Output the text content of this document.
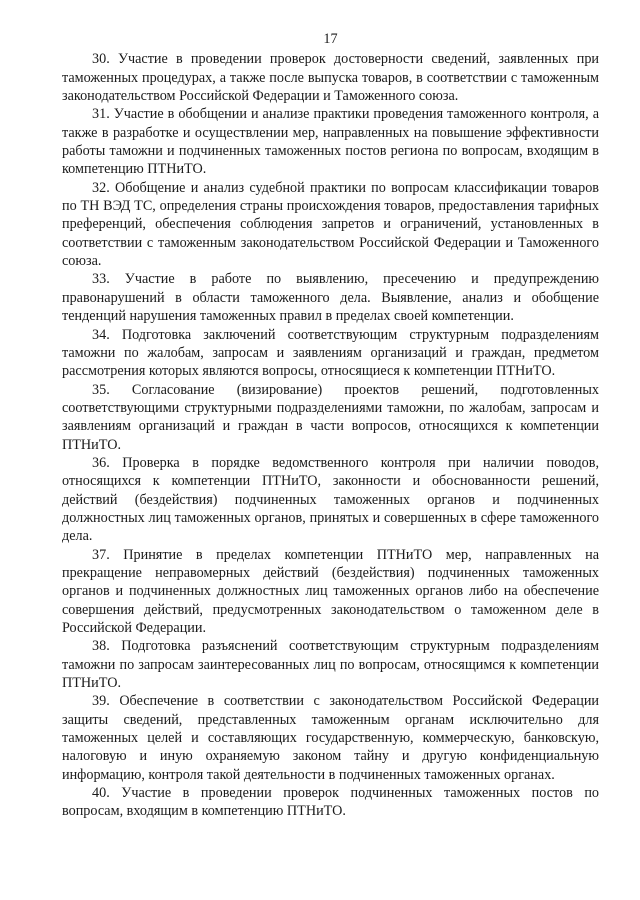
17

30. Участие в проведении проверок достоверности сведений, заявленных при таможенных процедурах, а также после выпуска товаров, в соответствии с таможенным законодательством Российской Федерации и Таможенного союза.

31. Участие в обобщении и анализе практики проведения таможенного контроля, а также в разработке и осуществлении мер, направленных на повышение эффективности работы таможни и подчиненных таможенных постов региона по вопросам, входящим в компетенцию ПТНиТО.

32. Обобщение и анализ судебной практики по вопросам классификации товаров по ТН ВЭД ТС, определения страны происхождения товаров, предоставления тарифных преференций, обеспечения соблюдения запретов и ограничений, установленных в соответствии с таможенным законодательством Российской Федерации и Таможенного союза.

33. Участие в работе по выявлению, пресечению и предупреждению правонарушений в области таможенного дела. Выявление, анализ и обобщение тенденций нарушения таможенных правил в пределах своей компетенции.

34. Подготовка заключений соответствующим структурным подразделениям таможни по жалобам, запросам и заявлениям организаций и граждан, предметом рассмотрения которых являются вопросы, относящиеся к компетенции ПТНиТО.

35. Согласование (визирование) проектов решений, подготовленных соответствующими структурными подразделениями таможни, по жалобам, запросам и заявлениям организаций и граждан в части вопросов, относящихся к компетенции ПТНиТО.

36. Проверка в порядке ведомственного контроля при наличии поводов, относящихся к компетенции ПТНиТО, законности и обоснованности решений, действий (бездействия) подчиненных таможенных органов и подчиненных должностных лиц таможенных органов, принятых и совершенных в сфере таможенного дела.

37. Принятие в пределах компетенции ПТНиТО мер, направленных на прекращение неправомерных действий (бездействия) подчиненных таможенных органов и подчиненных должностных лиц таможенных органов либо на обеспечение совершения действий, предусмотренных законодательством о таможенном деле в Российской Федерации.

38. Подготовка разъяснений соответствующим структурным подразделениям таможни по запросам заинтересованных лиц по вопросам, относящимся к компетенции ПТНиТО.

39. Обеспечение в соответствии с законодательством Российской Федерации защиты сведений, представленных таможенным органам исключительно для таможенных целей и составляющих государственную, коммерческую, банковскую, налоговую и иную охраняемую законом тайну и другую конфиденциальную информацию, контроля такой деятельности в подчиненных таможенных органах.

40. Участие в проведении проверок подчиненных таможенных постов по вопросам, входящим в компетенцию ПТНиТО.
